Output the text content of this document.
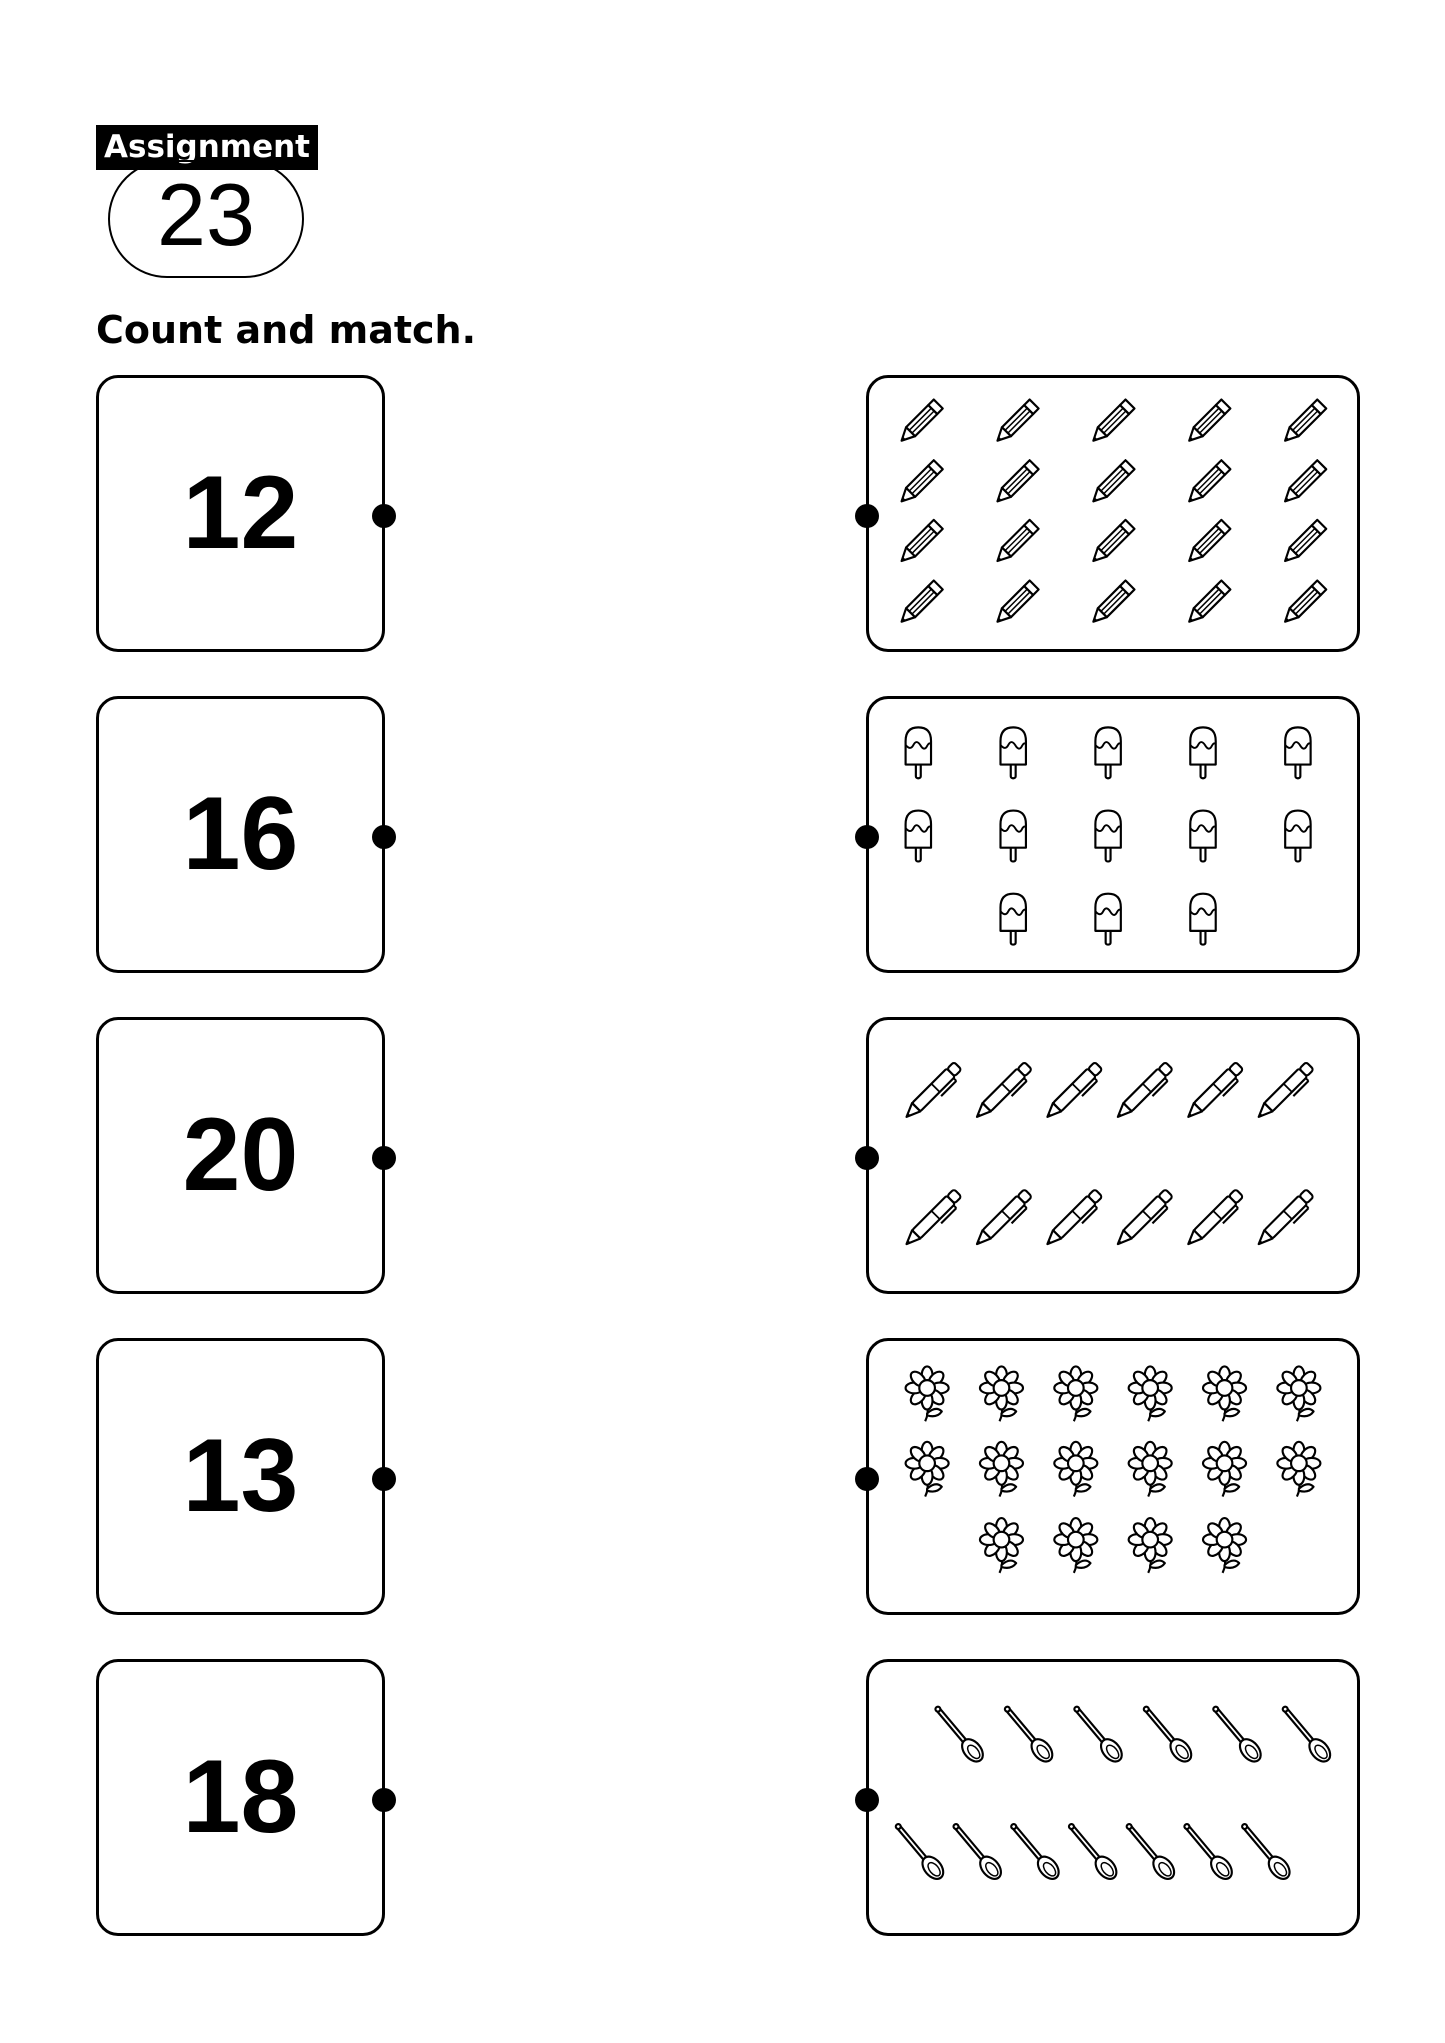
Assignment
23
Count and match.
12
16
20
13
18
